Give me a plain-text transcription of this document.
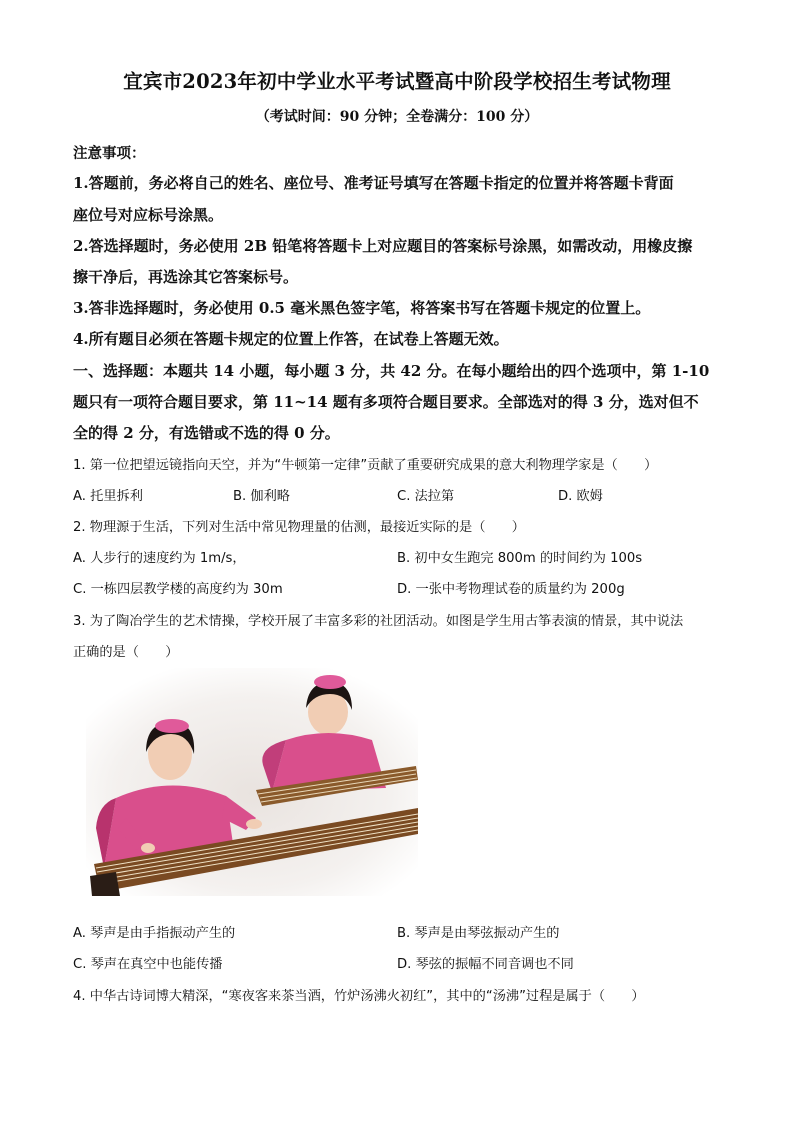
宜宾市2023年初中学业水平考试暨高中阶段学校招生考试物理
（考试时间：90 分钟；全卷满分：100 分）
注意事项：
1.答题前，务必将自己的姓名、座位号、准考证号填写在答题卡指定的位置并将答题卡背面
座位号对应标号涂黑。
2.答选择题时，务必使用 2B 铅笔将答题卡上对应题目的答案标号涂黑，如需改动，用橡皮擦
擦干净后，再选涂其它答案标号。
3.答非选择题时，务必使用 0.5 毫米黑色签字笔，将答案书写在答题卡规定的位置上。
4.所有题目必须在答题卡规定的位置上作答，在试卷上答题无效。
一、选择题：本题共 14 小题，每小题 3 分，共 42 分。在每小题给出的四个选项中，第 1-10
题只有一项符合题目要求，第 11~14 题有多项符合题目要求。全部选对的得 3 分，选对但不
全的得 2 分，有选错或不选的得 0 分。
1. 第一位把望远镜指向天空，并为“牛顿第一定律”贡献了重要研究成果的意大利物理学家是（　　）
A. 托里拆利	B. 伽利略	C. 法拉第	D. 欧姆
2. 物理源于生活，下列对生活中常见物理量的估测，最接近实际的是（　　）
A. 人步行的速度约为 1m/s，	B. 初中女生跑完 800m 的时间约为 100s
C. 一栋四层教学楼的高度约为 30m	D. 一张中考物理试卷的质量约为 200g
3. 为了陶冶学生的艺术情操，学校开展了丰富多彩的社团活动。如图是学生用古筝表演的情景，其中说法
正确的是（　　）
A. 琴声是由手指振动产生的	B. 琴声是由琴弦振动产生的
C. 琴声在真空中也能传播	D. 琴弦的振幅不同音调也不同
4. 中华古诗词博大精深，“寒夜客来茶当酒，竹炉汤沸火初红”，其中的“汤沸”过程是属于（　　）
